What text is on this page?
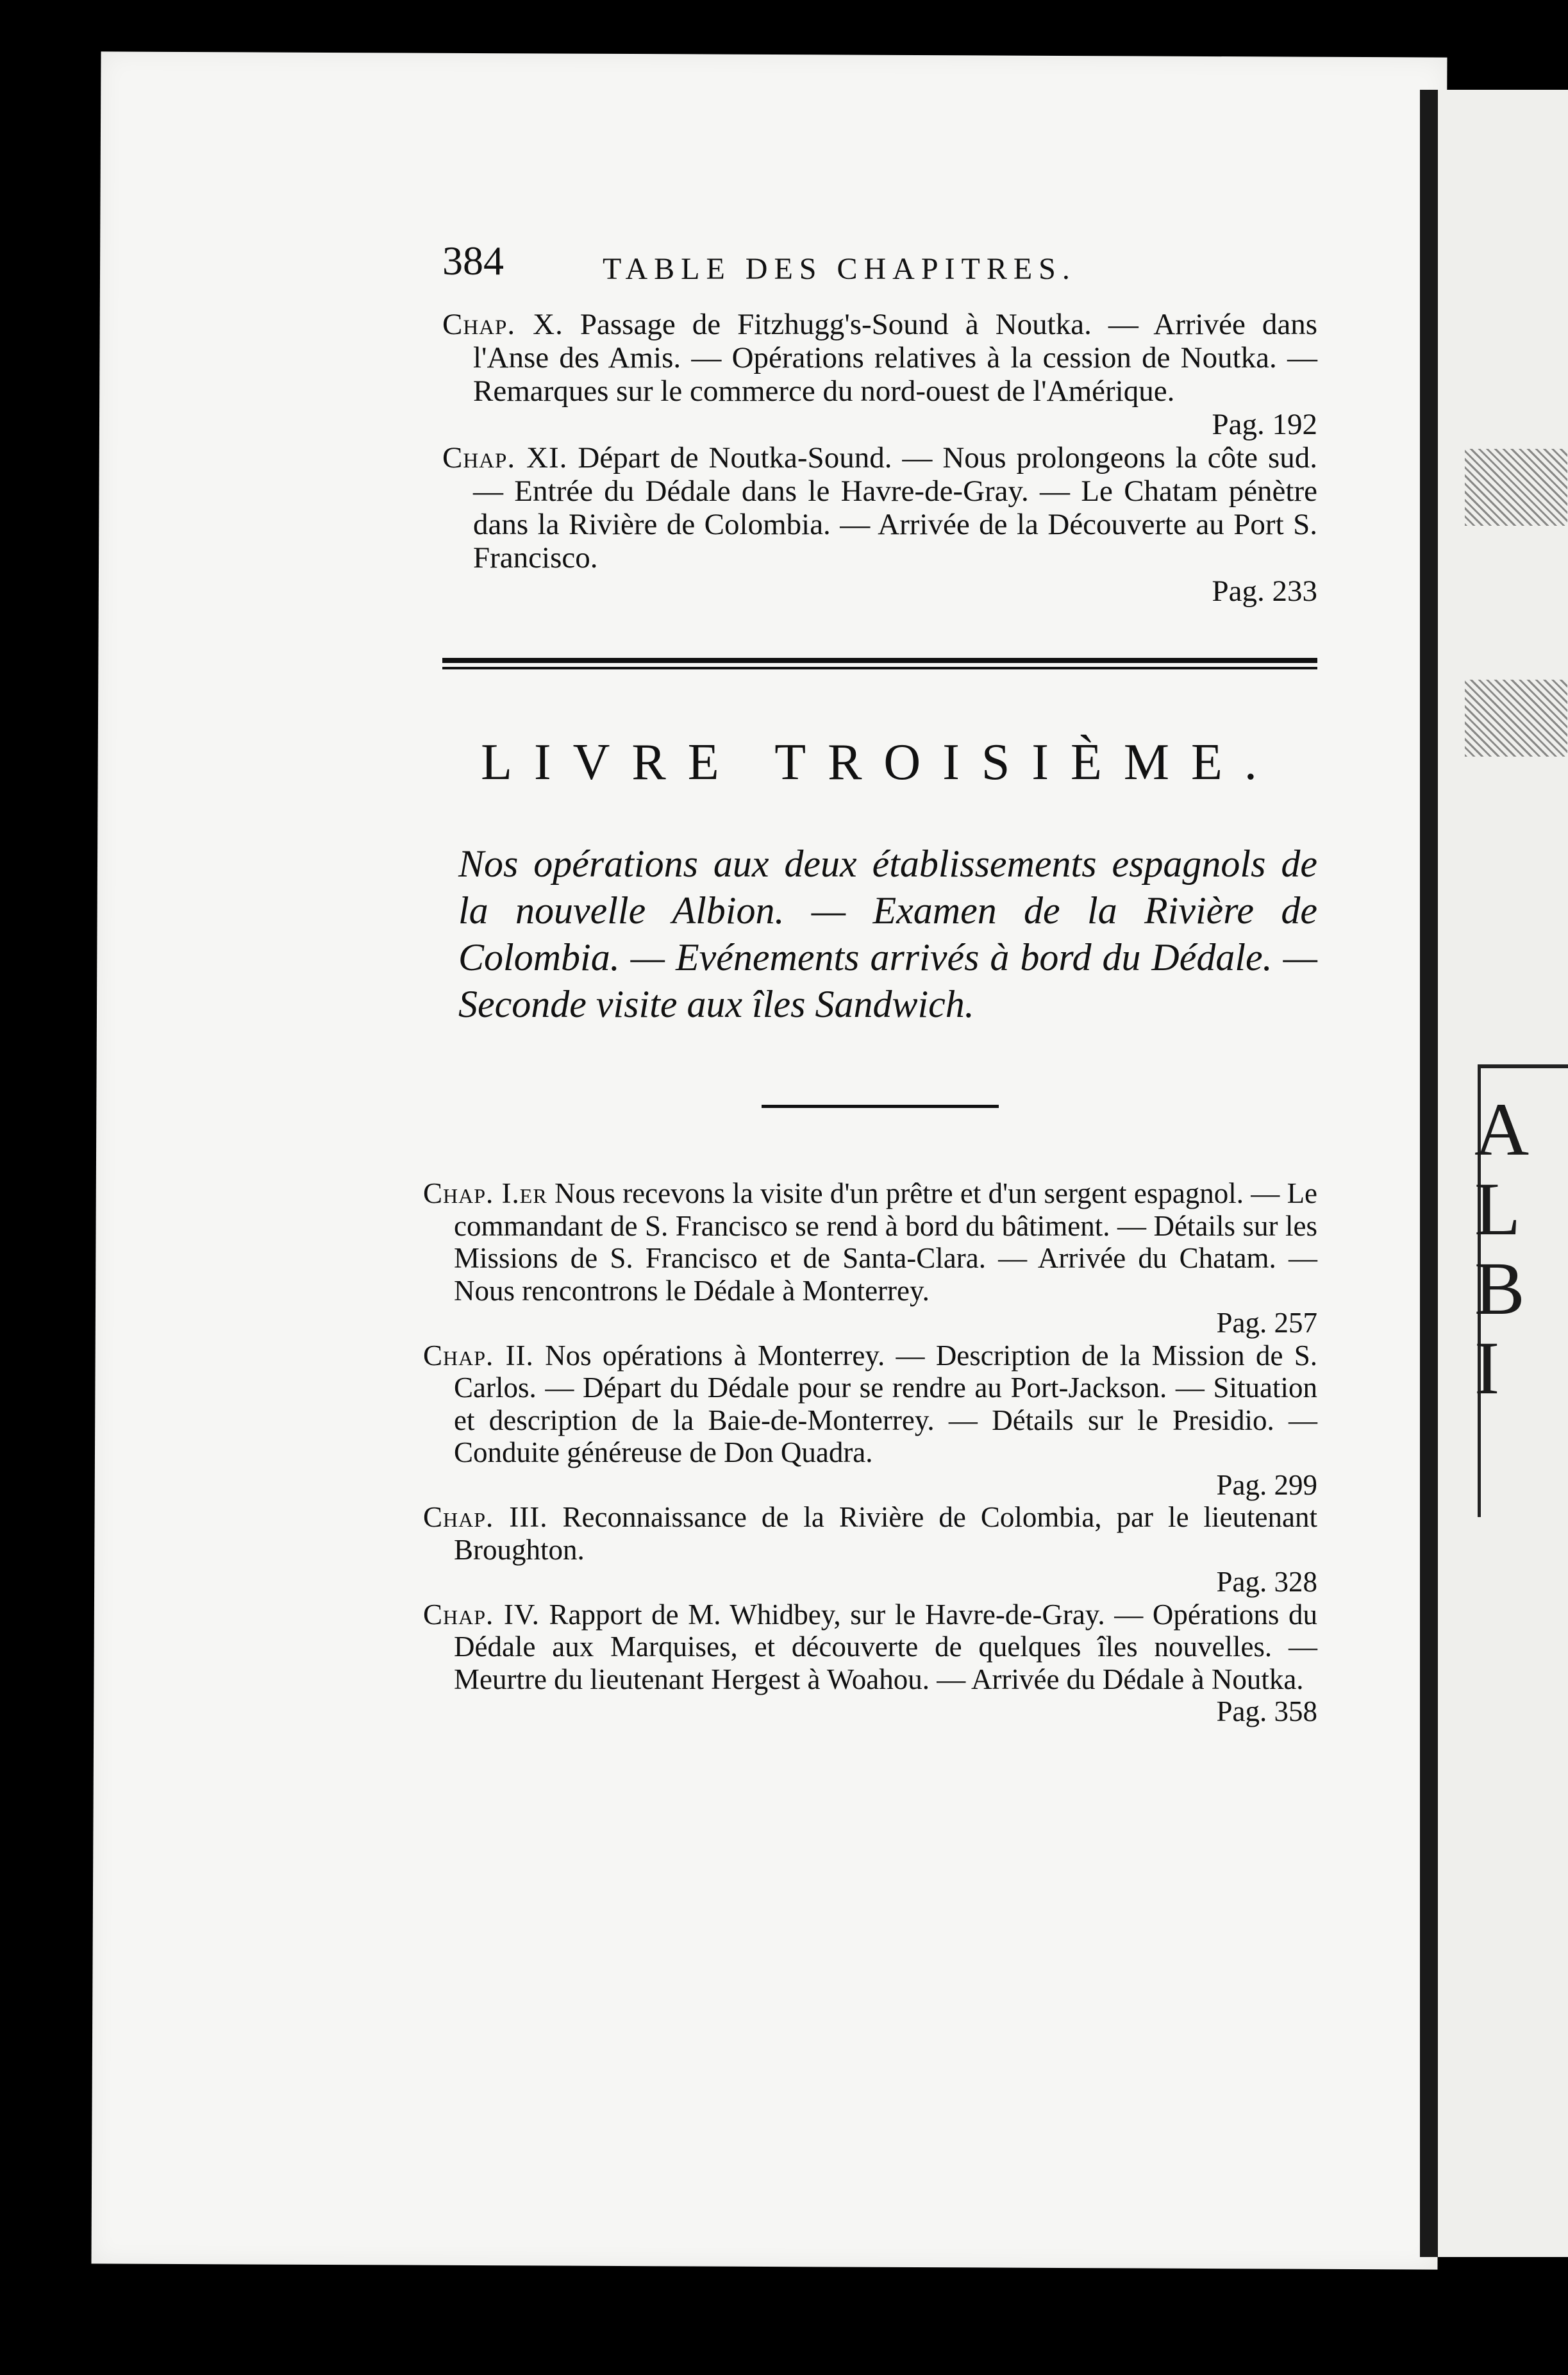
ALBI
384	TABLE DES CHAPITRES.

Chap. X. Passage de Fitzhugg's-Sound à Noutka. — Arrivée dans l'Anse des Amis. — Opérations relatives à la cession de Noutka. — Remarques sur le commerce du nord-ouest de l'Amérique.
Pag. 192

Chap. XI. Départ de Noutka-Sound. — Nous prolongeons la côte sud. — Entrée du Dédale dans le Havre-de-Gray. — Le Chatam pénètre dans la Rivière de Colombia. — Arrivée de la Découverte au Port S. Francisco.
Pag. 233

LIVRE TROISIÈME.

Nos opérations aux deux établissements espagnols de la nouvelle Albion. — Examen de la Rivière de Colombia. — Evénements arrivés à bord du Dédale. — Seconde visite aux îles Sandwich.

Chap. I.er Nous recevons la visite d'un prêtre et d'un sergent espagnol. — Le commandant de S. Francisco se rend à bord du bâtiment. — Détails sur les Missions de S. Francisco et de Santa-Clara. — Arrivée du Chatam. — Nous rencontrons le Dédale à Monterrey.
Pag. 257

Chap. II. Nos opérations à Monterrey. — Description de la Mission de S. Carlos. — Départ du Dédale pour se rendre au Port-Jackson. — Situation et description de la Baie-de-Monterrey. — Détails sur le Presidio. — Conduite généreuse de Don Quadra.
Pag. 299

Chap. III. Reconnaissance de la Rivière de Colombia, par le lieutenant Broughton.
Pag. 328

Chap. IV. Rapport de M. Whidbey, sur le Havre-de-Gray. — Opérations du Dédale aux Marquises, et découverte de quelques îles nouvelles. — Meurtre du lieutenant Hergest à Woahou. — Arrivée du Dédale à Noutka.
Pag. 358
